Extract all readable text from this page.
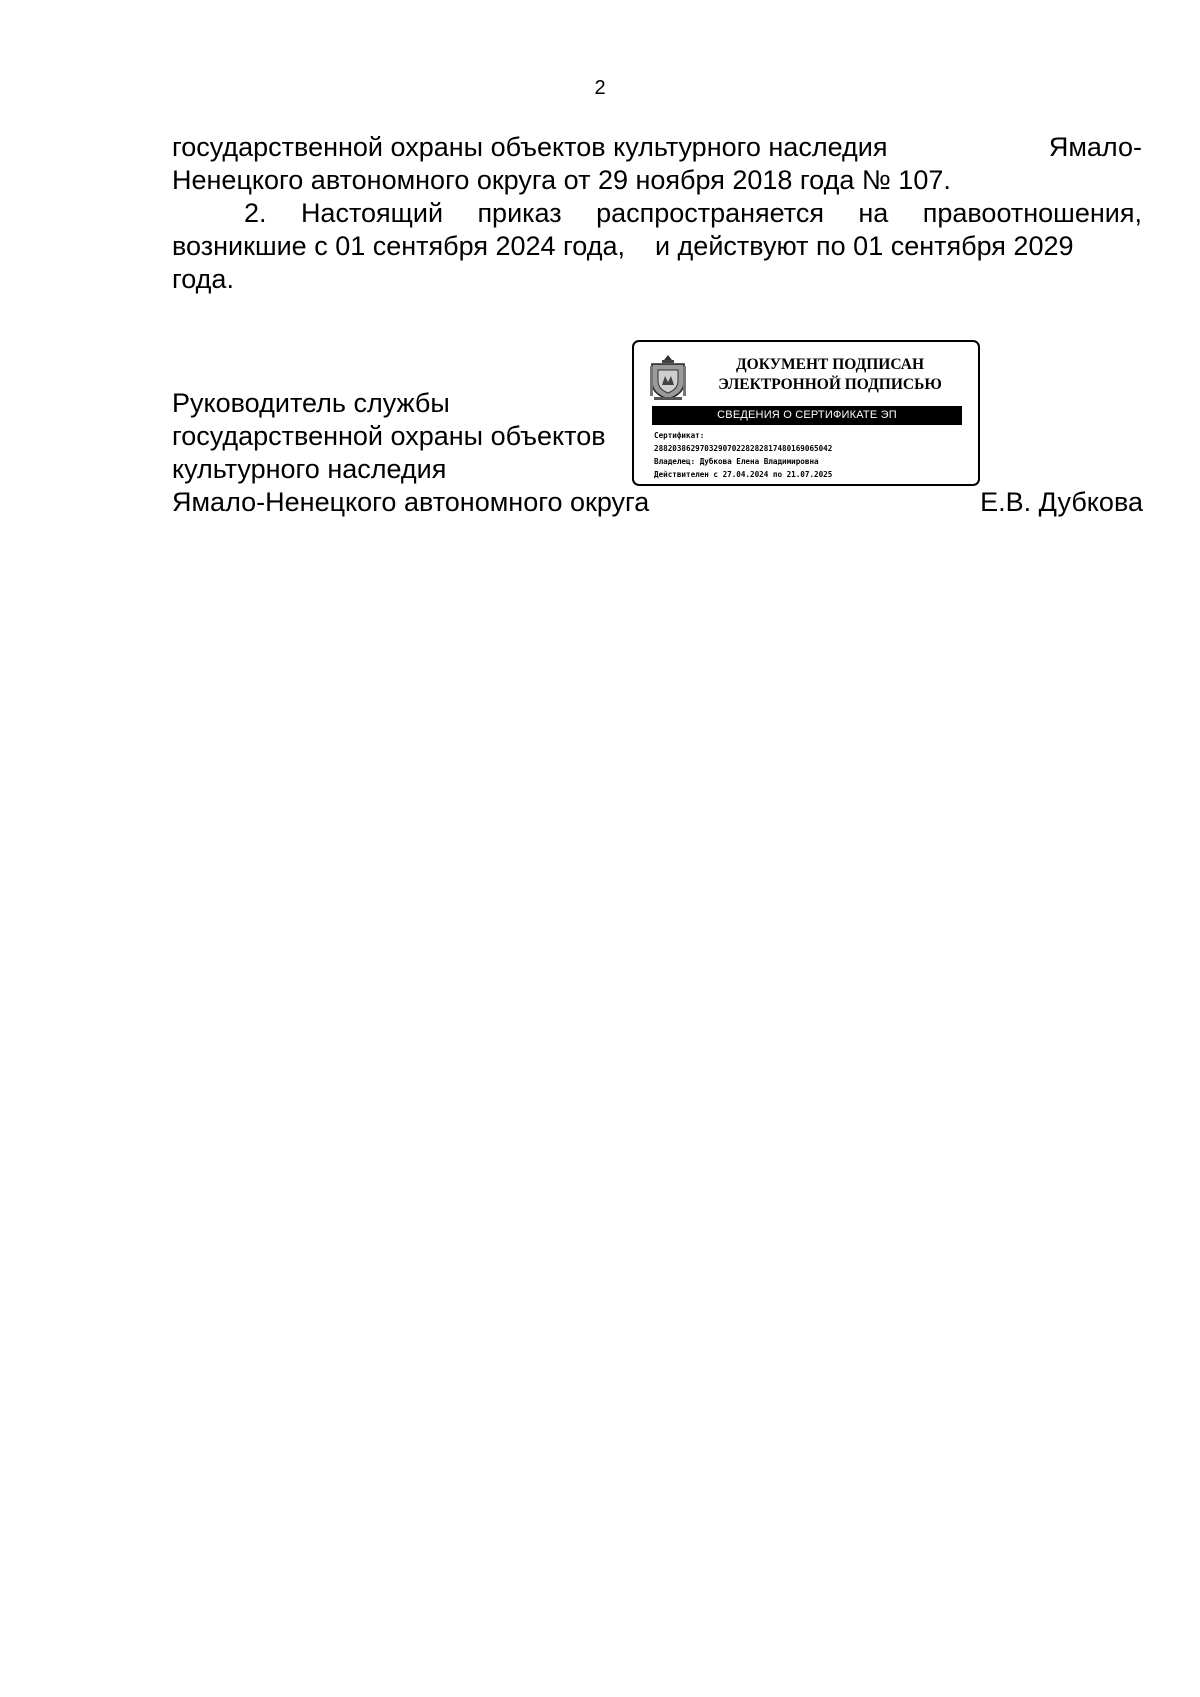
2
государственной охраны объектов культурного наследия	Ямало-
Ненецкого автономного округа от 29 ноября 2018 года № 107.
2. Настоящий приказ распространяется на правоотношения,
возникшие с 01 сентября 2024 года,    и действуют по 01 сентября 2029
года.
Руководитель службы
государственной охраны объектов
культурного наследия
Ямало-Ненецкого автономного округа	Е.В. Дубкова
ДОКУМЕНТ ПОДПИСАН
ЭЛЕКТРОННОЙ ПОДПИСЬЮ
СВЕДЕНИЯ О СЕРТИФИКАТЕ ЭП
Сертификат:
288203862970329070228282817480169065042
Владелец: Дубкова Елена Владимировна
Действителен с 27.04.2024 по 21.07.2025
